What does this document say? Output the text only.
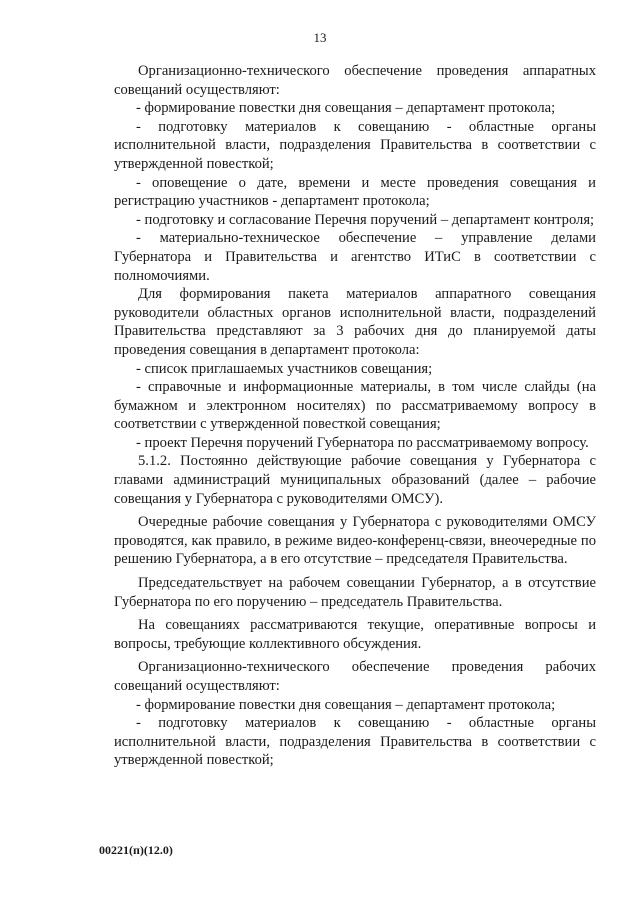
13

Организационно-технического обеспечение проведения аппаратных совещаний осуществляют:

- формирование повестки дня совещания – департамент протокола;

- подготовку материалов к совещанию - областные органы исполнительной власти, подразделения Правительства в соответствии с утвержденной повесткой;

- оповещение о дате, времени и месте проведения совещания и регистрацию участников - департамент протокола;

- подготовку и согласование Перечня поручений – департамент контроля;

- материально-техническое обеспечение – управление делами Губернатора и Правительства и агентство ИТиС в соответствии с полномочиями.

Для формирования пакета материалов аппаратного совещания руководители областных органов исполнительной власти, подразделений Правительства представляют за 3 рабочих дня до планируемой даты проведения совещания в департамент протокола:

- список приглашаемых участников совещания;

- справочные и информационные материалы, в том числе слайды (на бумажном и электронном носителях) по рассматриваемому вопросу в соответствии с утвержденной повесткой совещания;

- проект Перечня поручений Губернатора по рассматриваемому вопросу.

5.1.2. Постоянно действующие рабочие совещания у Губернатора с главами администраций муниципальных образований (далее – рабочие совещания у Губернатора с руководителями ОМСУ).

Очередные рабочие совещания у Губернатора с руководителями ОМСУ проводятся, как правило, в режиме видео-конференц-связи, внеочередные по решению Губернатора, а в его отсутствие – председателя Правительства.

Председательствует на рабочем совещании Губернатор, а в отсутствие Губернатора по его поручению – председатель Правительства.

На совещаниях рассматриваются текущие, оперативные вопросы и вопросы, требующие коллективного обсуждения.

Организационно-технического обеспечение проведения рабочих совещаний осуществляют:

- формирование повестки дня совещания – департамент протокола;

- подготовку материалов к совещанию - областные органы исполнительной власти, подразделения Правительства в соответствии с утвержденной повесткой;

00221(п)(12.0)
